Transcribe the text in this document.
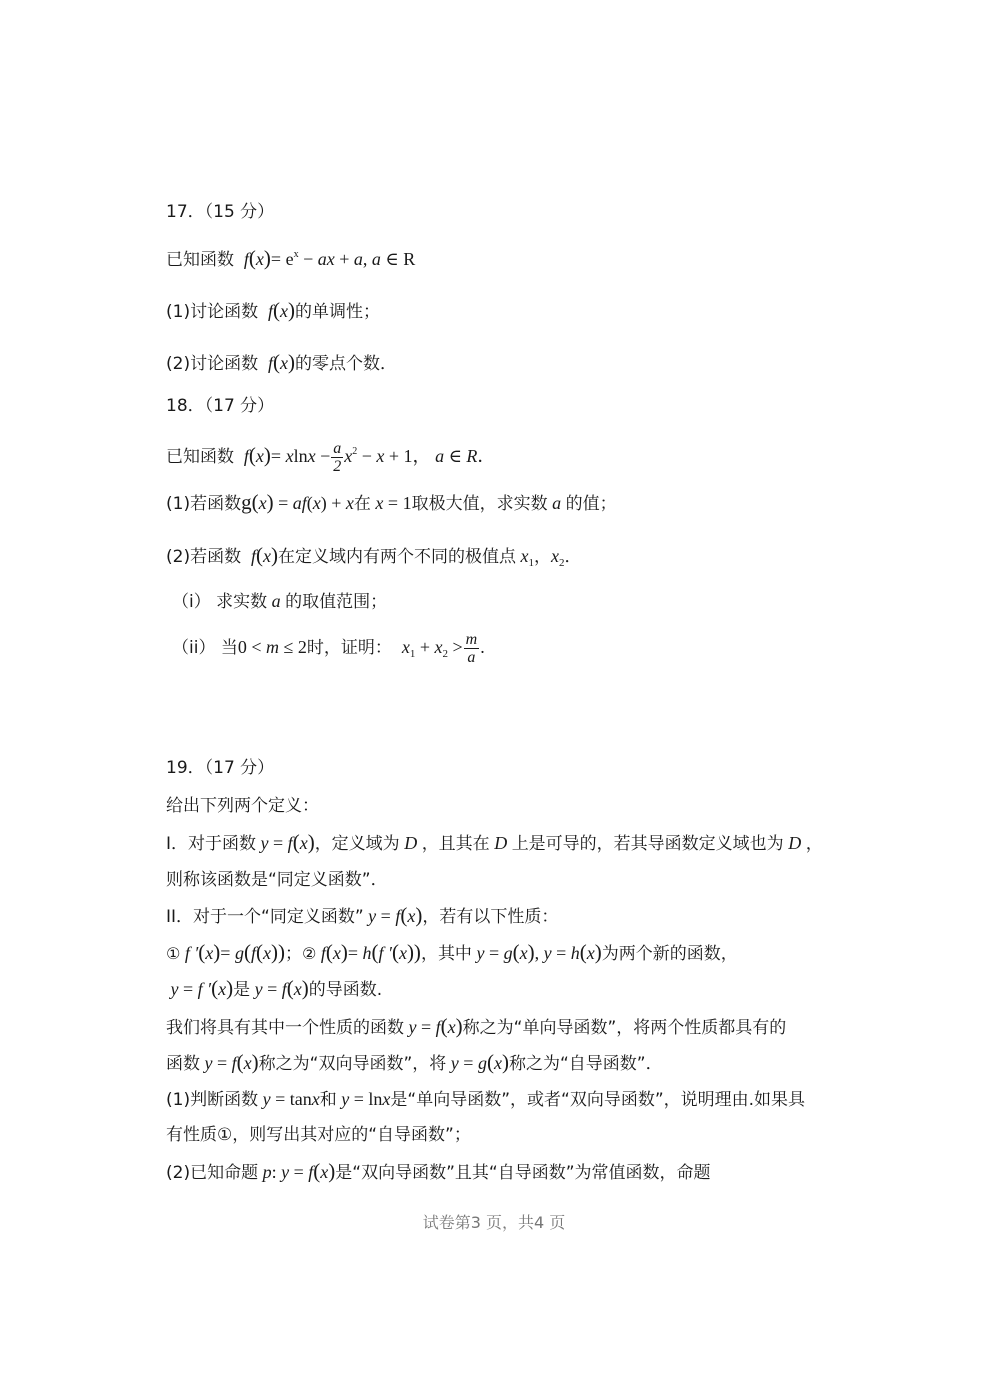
17．（15 分）
已知函数  $f(x)= e^x$ − ax + a, a ∈ R
(1)讨论函数  f(x)的单调性；
(2)讨论函数  f(x)的零点个数．
18．（17 分）
已知函数  $f(x)= xlnx - \frac{a}{2} x^2 - x + 1$， a ∈ R．
(1)若函数g(x) = af(x) + x在 x = 1取极大值，求实数 a 的值；
(2)若函数  f(x)在定义域内有两个不同的极值点 $x_1$，$x_2$．
（i） 求实数 a 的取值范围；
（ii） 当0 < m ≤ 2时，证明： $x_1 + x_2 > \frac{m}{a}$ .
19．（17 分）
给出下列两个定义：
I．对于函数 y = f(x)，定义域为 D ，且其在 D 上是可导的，若其导函数定义域也为 D ，
则称该函数是“同定义函数”．
II．对于一个“同定义函数” y = f(x)，若有以下性质：
① f ′(x)= g(f(x))；② f(x)= h(f ′(x))，其中 y = g(x), y = h(x)为两个新的函数，
y = f ′(x)是 y = f(x)的导函数.
我们将具有其中一个性质的函数 y = f(x)称之为“单向导函数”，将两个性质都具有的
函数 y = f(x)称之为“双向导函数”，将 y = g(x)称之为“自导函数”．
(1)判断函数 y = tanx和 y = lnx是“单向导函数”，或者“双向导函数”，说明理由.如果具
有性质①，则写出其对应的“自导函数”；
(2)已知命题 p: y = f(x)是“双向导函数”且其“自导函数”为常值函数，命题
试卷第3 页，共4 页
